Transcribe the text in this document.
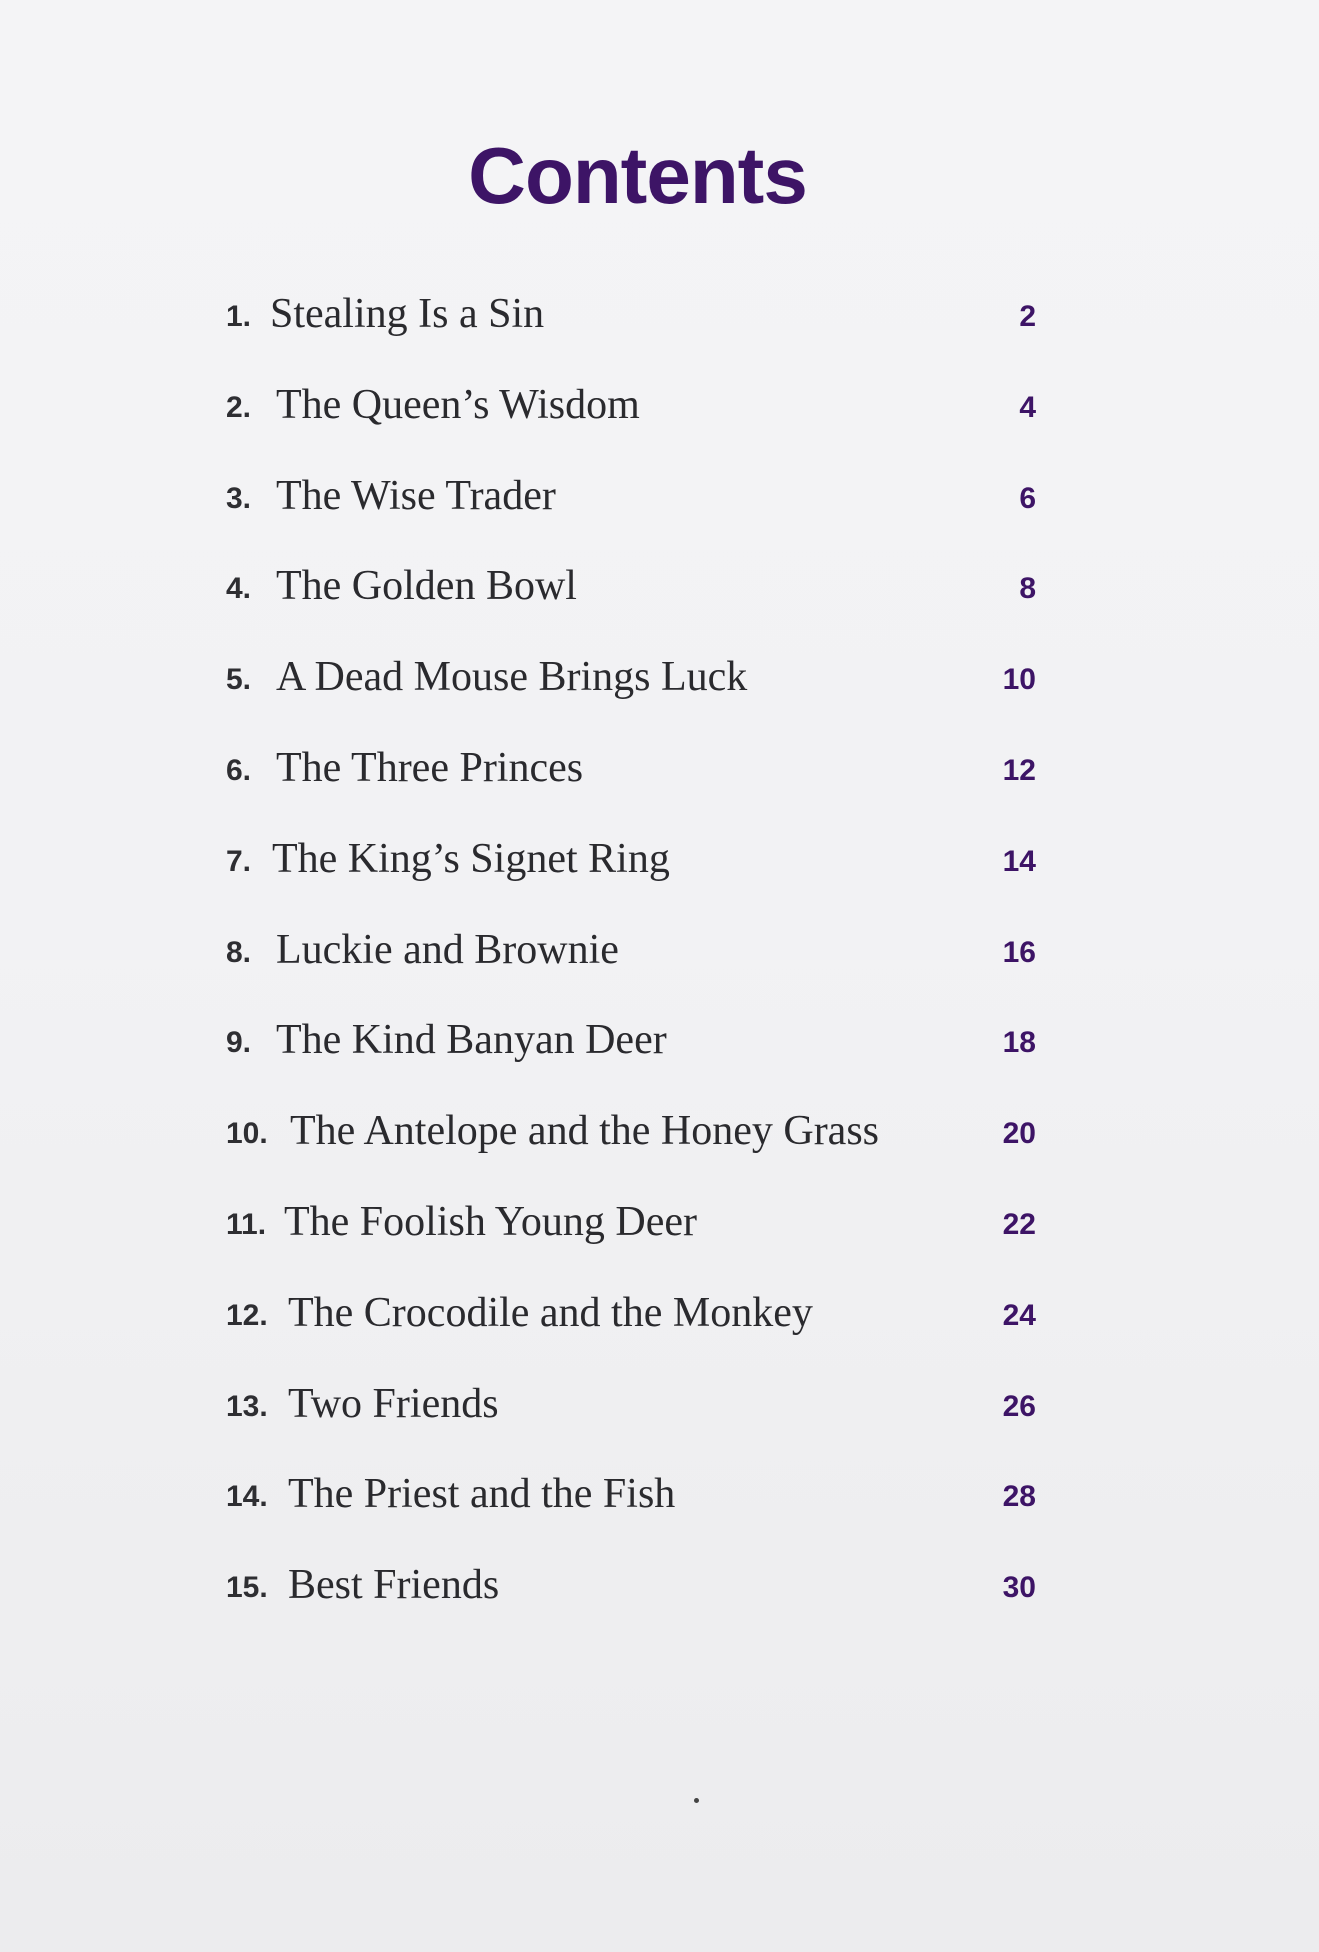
Contents
1. Stealing Is a Sin	2
2. The Queen’s Wisdom	4
3. The Wise Trader	6
4. The Golden Bowl	8
5. A Dead Mouse Brings Luck	10
6. The Three Princes	12
7. The King’s Signet Ring	14
8. Luckie and Brownie	16
9. The Kind Banyan Deer	18
10. The Antelope and the Honey Grass	20
11. The Foolish Young Deer	22
12. The Crocodile and the Monkey	24
13. Two Friends	26
14. The Priest and the Fish	28
15. Best Friends	30
